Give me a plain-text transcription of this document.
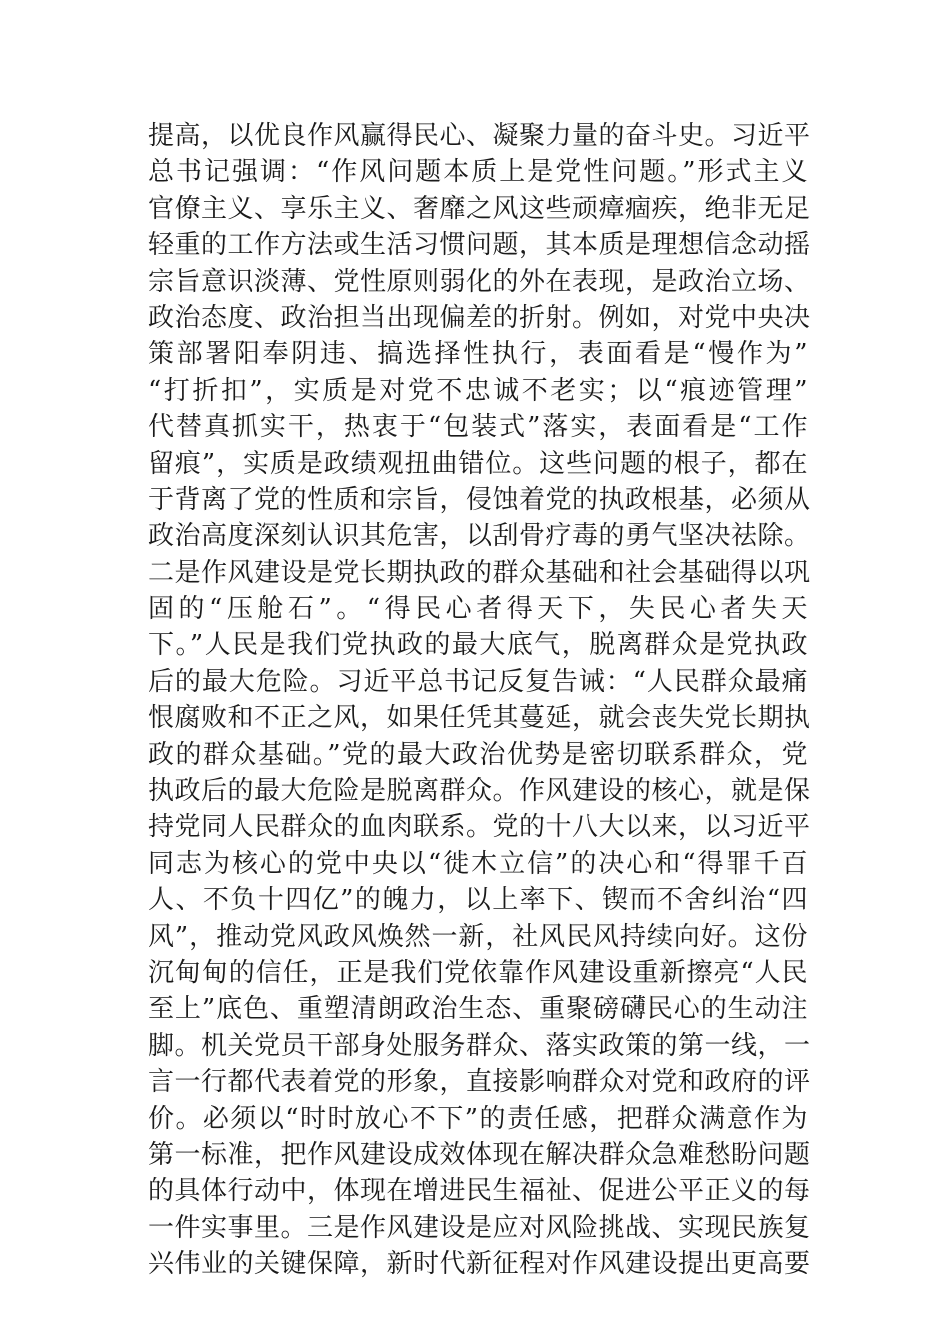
提高，以优良作风赢得民心、凝聚力量的奋斗史。习近平
总书记强调：“作风问题本质上是党性问题。”形式主义
官僚主义、享乐主义、奢靡之风这些顽瘴痼疾，绝非无足
轻重的工作方法或生活习惯问题，其本质是理想信念动摇
宗旨意识淡薄、党性原则弱化的外在表现，是政治立场、
政治态度、政治担当出现偏差的折射。例如，对党中央决
策部署阳奉阴违、搞选择性执行，表面看是“慢作为”
“打折扣”，实质是对党不忠诚不老实；以“痕迹管理”
代替真抓实干，热衷于“包装式”落实，表面看是“工作
留痕”，实质是政绩观扭曲错位。这些问题的根子，都在
于背离了党的性质和宗旨，侵蚀着党的执政根基，必须从
政治高度深刻认识其危害，以刮骨疗毒的勇气坚决祛除。
二是作风建设是党长期执政的群众基础和社会基础得以巩
固的“压舱石”。“得民心者得天下，失民心者失天
下。”人民是我们党执政的最大底气，脱离群众是党执政
后的最大危险。习近平总书记反复告诫：“人民群众最痛
恨腐败和不正之风，如果任凭其蔓延，就会丧失党长期执
政的群众基础。”党的最大政治优势是密切联系群众，党
执政后的最大危险是脱离群众。作风建设的核心，就是保
持党同人民群众的血肉联系。党的十八大以来，以习近平
同志为核心的党中央以“徙木立信”的决心和“得罪千百
人、不负十四亿”的魄力，以上率下、锲而不舍纠治“四
风”，推动党风政风焕然一新，社风民风持续向好。这份
沉甸甸的信任，正是我们党依靠作风建设重新擦亮“人民
至上”底色、重塑清朗政治生态、重聚磅礴民心的生动注
脚。机关党员干部身处服务群众、落实政策的第一线，一
言一行都代表着党的形象，直接影响群众对党和政府的评
价。必须以“时时放心不下”的责任感，把群众满意作为
第一标准，把作风建设成效体现在解决群众急难愁盼问题
的具体行动中，体现在增进民生福祉、促进公平正义的每
一件实事里。三是作风建设是应对风险挑战、实现民族复
兴伟业的关键保障，新时代新征程对作风建设提出更高要
